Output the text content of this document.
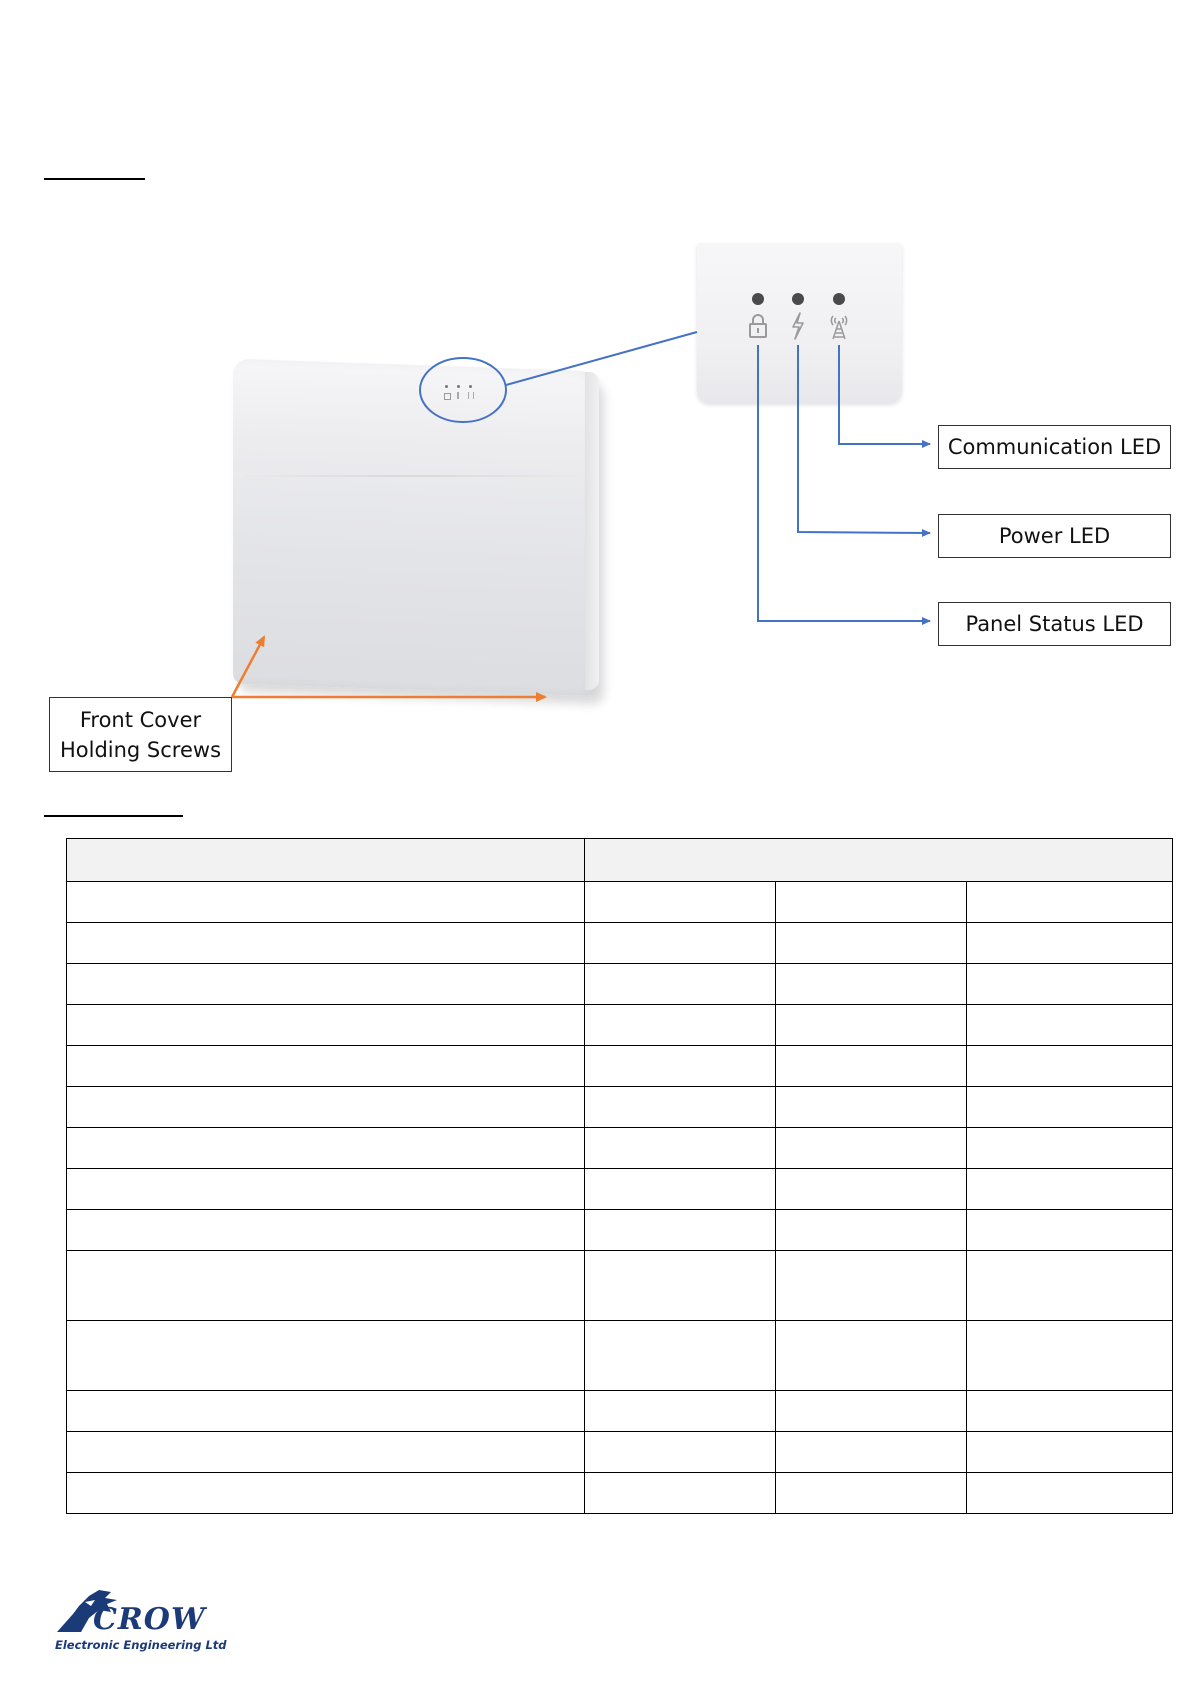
Communication LED
Power LED
Panel Status LED
Front Cover
Holding Screws

CROW
Electronic Engineering Ltd
